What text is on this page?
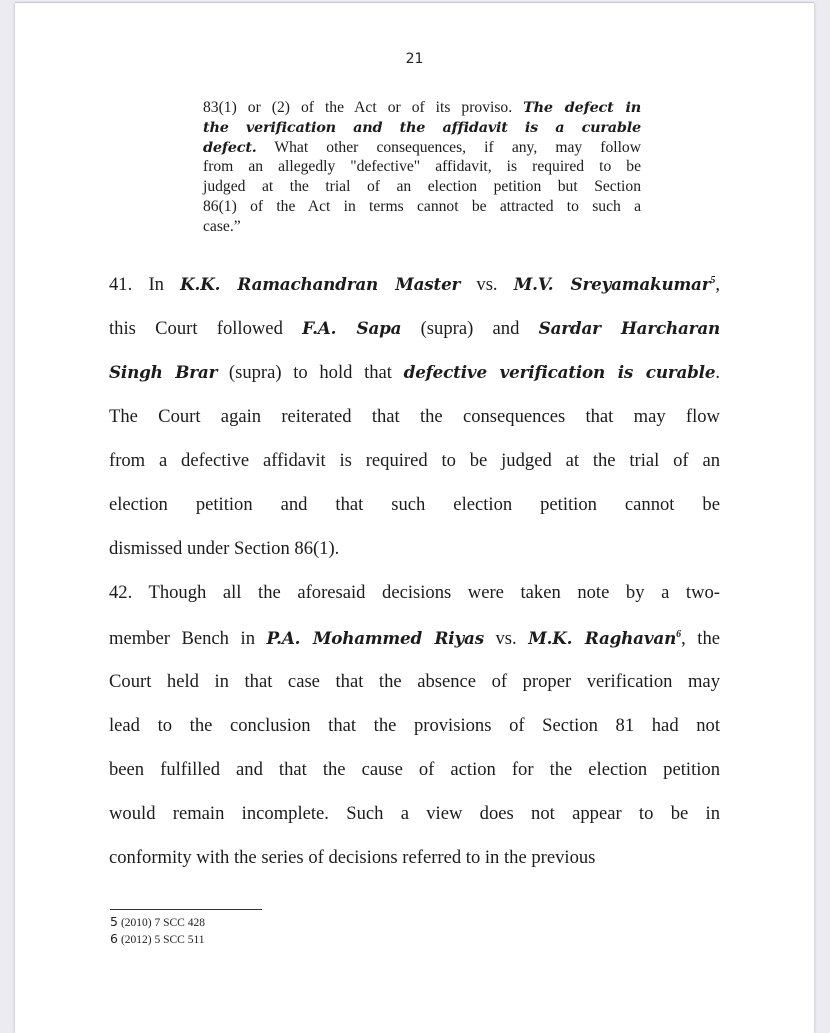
21
83(1) or (2) of the Act or of its proviso. The defect in
the verification and the affidavit is a curable
defect. What other consequences, if any, may follow
from an allegedly "defective" affidavit, is required to be
judged at the trial of an election petition but Section
86(1) of the Act in terms cannot be attracted to such a
case.”
41. In K.K. Ramachandran Master vs. M.V. Sreyamakumar$^5$,
this Court followed F.A. Sapa (supra) and Sardar Harcharan
Singh Brar (supra) to hold that defective verification is curable.
The Court again reiterated that the consequences that may flow
from a defective affidavit is required to be judged at the trial of an
election petition and that such election petition cannot be
dismissed under Section 86(1).
42. Though all the aforesaid decisions were taken note by a two-
member Bench in P.A. Mohammed Riyas vs. M.K. Raghavan$^6$, the
Court held in that case that the absence of proper verification may
lead to the conclusion that the provisions of Section 81 had not
been fulfilled and that the cause of action for the election petition
would remain incomplete. Such a view does not appear to be in
conformity with the series of decisions referred to in the previous
5 (2010) 7 SCC 428
6 (2012) 5 SCC 511
